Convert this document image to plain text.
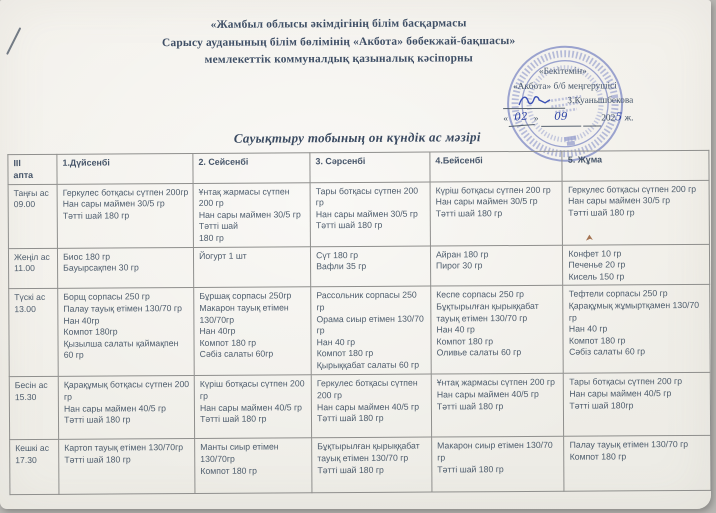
«Жамбыл облысы әкімдігінің білім басқармасы
Сарысу ауданының білім бөлімінің «Акбота» бөбекжай-бақшасы»
мемлекеттік коммуналдық қазыналық кәсіпорны
«Бекітемін»
«Акбота» б/б меңгерушісі
З.Куанышбекова
« 02 » 09	2025 ж.
Сауықтыру тобының он күндік ас мәзірі
ІІІ
апта	1.Дүйсенбі	2. Сейсенбі	3. Сәрсенбі	4.Бейсенбі	5. Жұма
Таңғы ас
09.00	Геркулес ботқасы сүтпен 200гр
Нан сары маймен 30/5 гр
Тәтті шай 180 гр	Ұнтақ жармасы сүтпен 200 гр
Нан сары маймен 30/5 гр
Тәтті шай
180 гр	Тары ботқасы сүтпен 200 гр
Нан сары маймен 30/5 гр
Тәтті шай 180 гр	Күріш ботқасы сүтпен 200 гр
Нан сары маймен 30/5 гр
Тәтті шай 180 гр	Геркулес ботқасы сүтпен 200 гр
Нан сары маймен 30/5 гр
Тәтті шай 180 гр
Жеңіл ас
11.00	Биос 180 гр
Бауырсақпен 30 гр	Йогурт 1 шт	Сүт 180 гр
Вафли 35 гр	Айран 180 гр
Пирог 30 гр	Конфет 10 гр
Печенье 20 гр
Кисель 150 гр
Түскі ас
13.00	Борщ сорпасы 250 гр
Палау тауық етімен 130/70 гр
Нан 40гр
Компот 180гр
Қызылша салаты қаймақпен 60 гр	Бұршақ сорпасы 250гр
Макарон тауық етімен 130/70гр
Нан 40гр
Компот 180 гр
Сәбіз салаты 60гр	Рассольник сорпасы 250 гр
Орама сиыр етімен 130/70 гр
Нан 40 гр
Компот 180 гр
Қырыққабат салаты 60 гр	Кеспе сорпасы 250 гр
Бұқтырылған қырыққабат тауық етімен 130/70 гр
Нан 40 гр
Компот 180 гр
Оливье салаты 60 гр	Тефтели сорпасы 250 гр
Қарақұмық жұмыртқамен 130/70 гр
Нан 40 гр
Компот 180 гр
Сәбіз салаты 60 гр
Бесін ас
15.30	Қарақұмық ботқасы сүтпен 200 гр
Нан сары маймен 40/5 гр
Тәтті шай 180 гр	Күріш ботқасы сүтпен 200 гр
Нан сары маймен 40/5 гр
Тәтті шай 180 гр	Геркулес ботқасы сүтпен 200 гр
Нан сары маймен 40/5 гр
Тәтті шай 180 гр	Ұнтақ жармасы сүтпен 200 гр
Нан сары маймен 40/5 гр
Тәтті шай 180 гр	Тары ботқасы сүтпен 200 гр
Нан сары маймен 40/5 гр
Тәтті шай 180гр
Кешкі ас
17.30	Картоп тауық етімен 130/70гр
Тәтті шай 180 гр	Манты сиыр етімен 130/70гр
Компот 180 гр	Бұқтырылған қырыққабат тауық етімен 130/70 гр
Тәтті шай 180 гр	Макарон сиыр етімен 130/70 гр
Тәтті шай 180 гр	Палау тауық етімен 130/70 гр
Компот 180 гр
